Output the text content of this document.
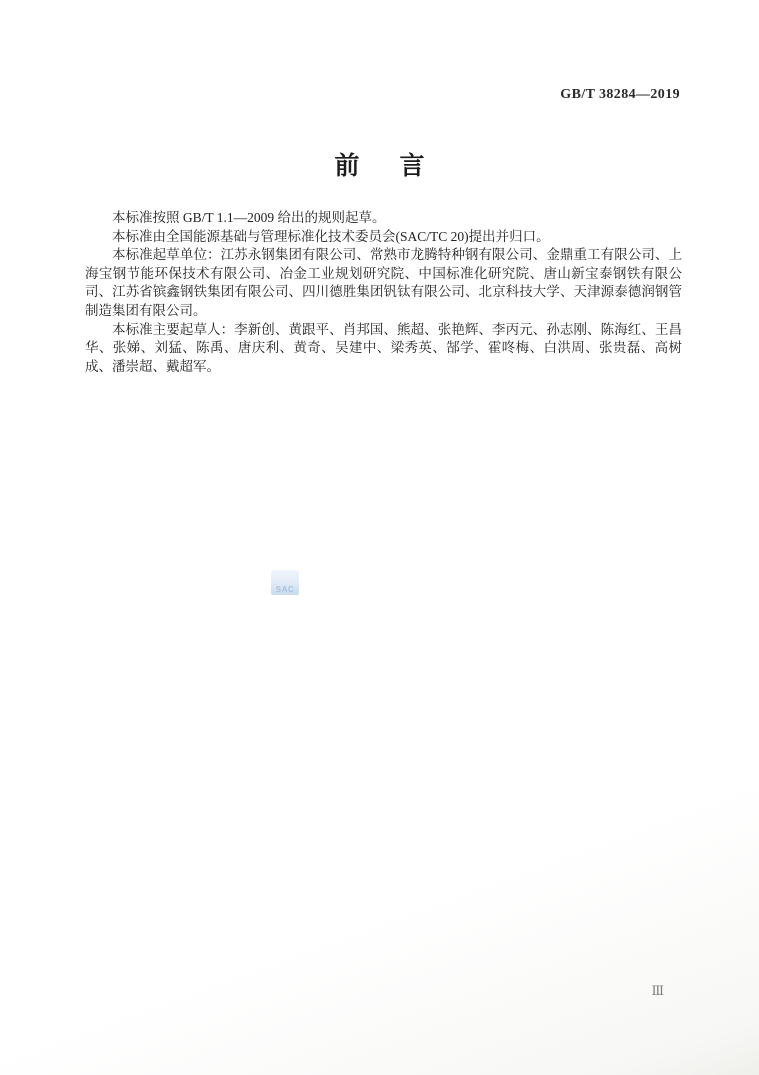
GB/T 38284—2019
前言

本标准按照 GB/T 1.1—2009 给出的规则起草。

本标准由全国能源基础与管理标准化技术委员会(SAC/TC 20)提出并归口。

本标准起草单位：江苏永钢集团有限公司、常熟市龙腾特种钢有限公司、金鼎重工有限公司、上海宝钢节能环保技术有限公司、冶金工业规划研究院、中国标准化研究院、唐山新宝泰钢铁有限公司、江苏省镔鑫钢铁集团有限公司、四川德胜集团钒钛有限公司、北京科技大学、天津源泰德润钢管制造集团有限公司。

本标准主要起草人：李新创、黄跟平、肖邦国、熊超、张艳辉、李丙元、孙志刚、陈海红、王昌华、张娣、刘猛、陈禹、唐庆利、黄奇、吴建中、梁秀英、郜学、霍咚梅、白洪周、张贵磊、高树成、潘崇超、戴超军。

SAC
Ⅲ
